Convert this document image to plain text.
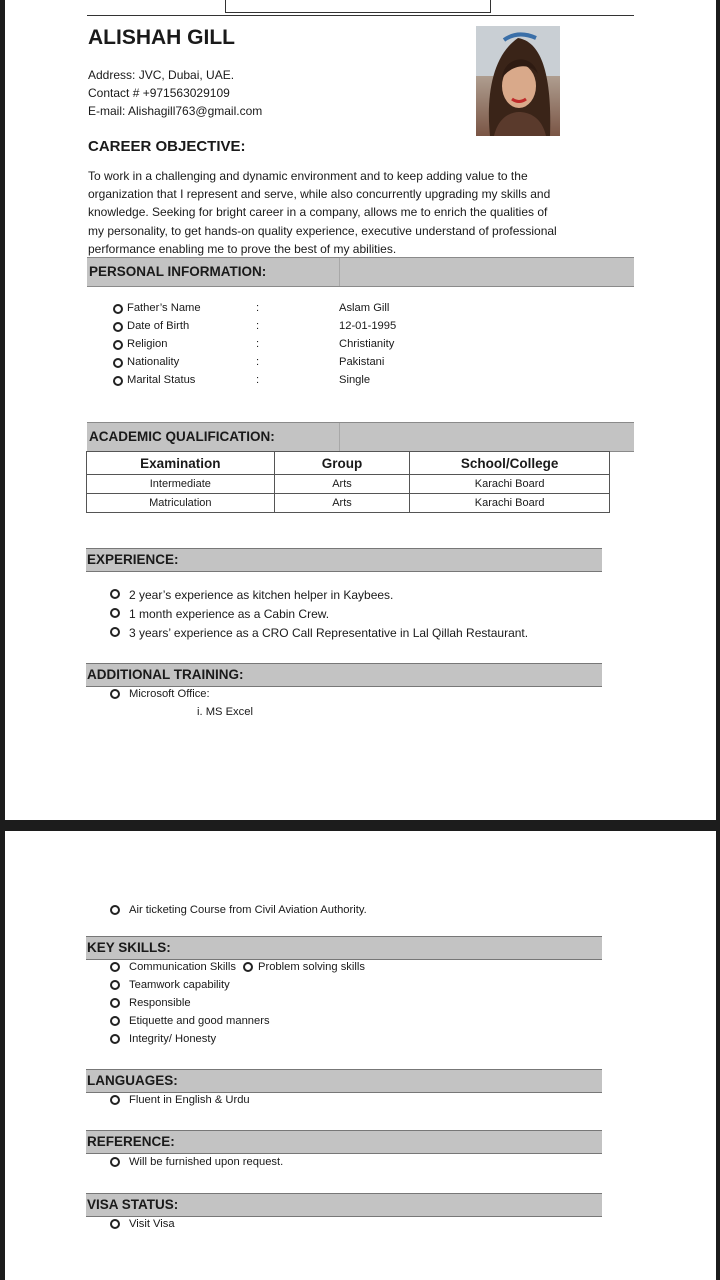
ALISHAH GILL
Address: JVC, Dubai, UAE.
Contact # +971563029109
E-mail: Alishagill763@gmail.com
CAREER OBJECTIVE:
To work in a challenging and dynamic environment and to keep adding value to the
organization that I represent and serve, while also concurrently upgrading my skills and
knowledge. Seeking for bright career in a company, allows me to enrich the qualities of
my personality, to get hands-on quality experience, executive understand of professional
performance enabling me to prove the best of my abilities.
PERSONAL INFORMATION:
Father’s Name	:	Aslam Gill
Date of Birth	:	12-01-1995
Religion	:	Christianity
Nationality	:	Pakistani
Marital Status	:	Single
ACADEMIC QUALIFICATION:
Examination	Group	School/College
Intermediate	Arts	Karachi Board
Matriculation	Arts	Karachi Board
EXPERIENCE:
2 year’s experience as kitchen helper in Kaybees.
1 month experience as a Cabin Crew.
3 years’ experience as a CRO Call Representative in Lal Qillah Restaurant.
ADDITIONAL TRAINING:
Microsoft Office:
i. MS Excel
Air ticketing Course from Civil Aviation Authority.
KEY SKILLS:
Communication Skills Problem solving skills
Teamwork capability
Responsible
Etiquette and good manners
Integrity/ Honesty
LANGUAGES:
Fluent in English & Urdu
REFERENCE:
Will be furnished upon request.
VISA STATUS:
Visit Visa
